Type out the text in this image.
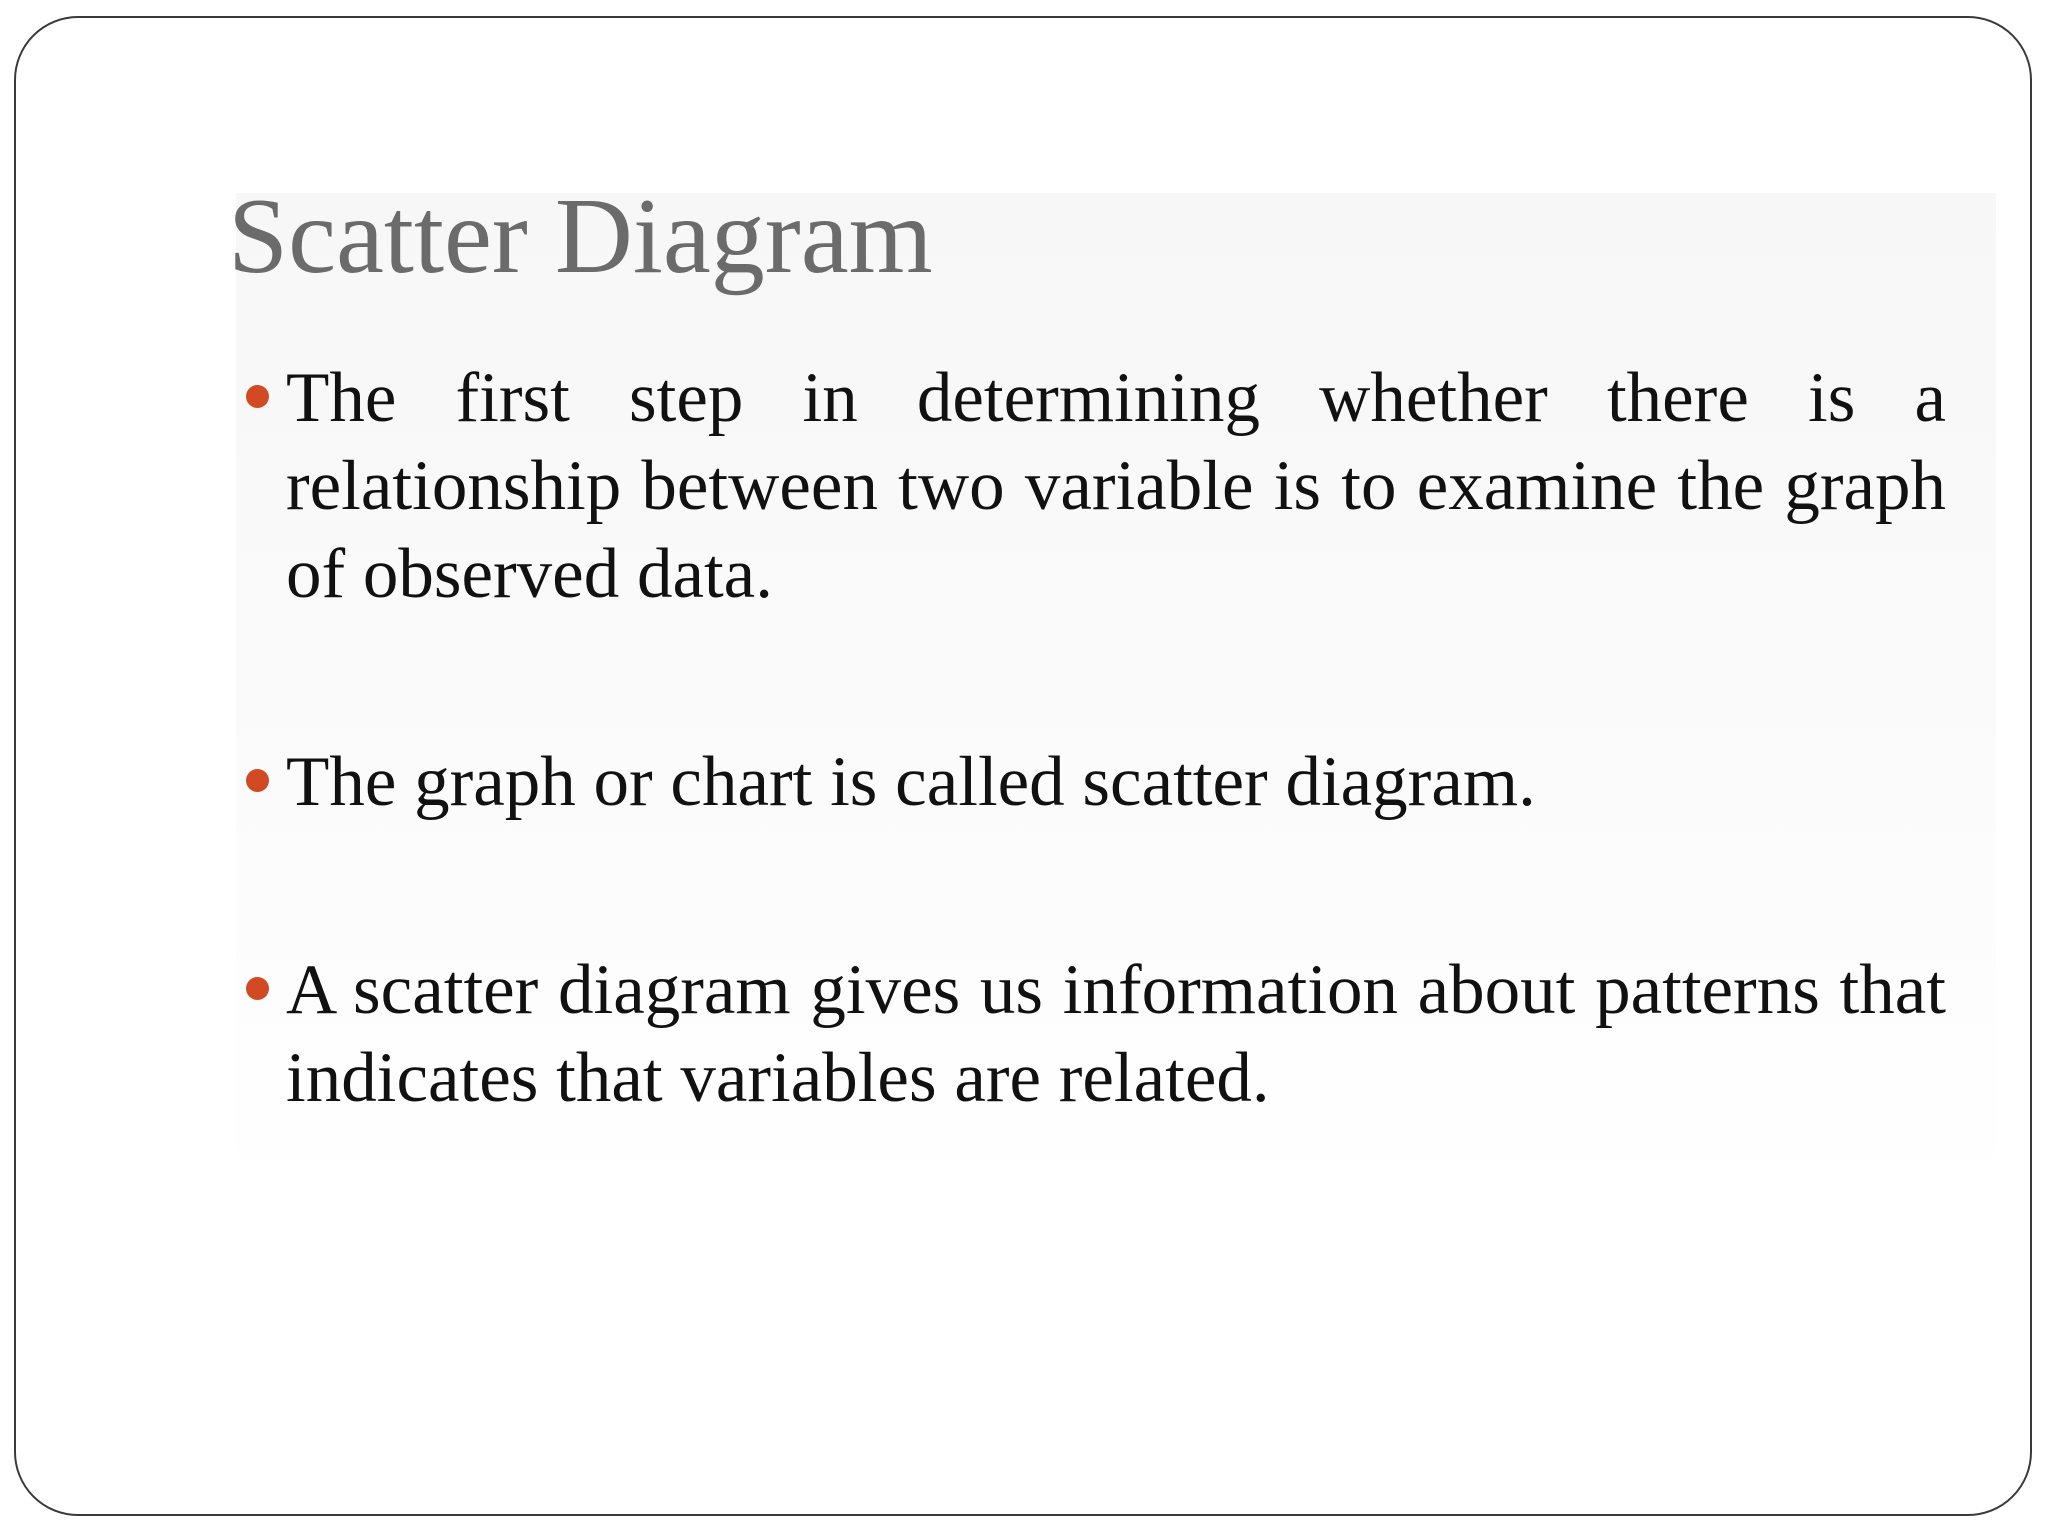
Scatter Diagram
The first step in determining whether there is a relationship between two variable is to examine the graph of observed data.
The graph or chart is called scatter diagram.
A scatter diagram gives us information about patterns that indicates that variables are related.
